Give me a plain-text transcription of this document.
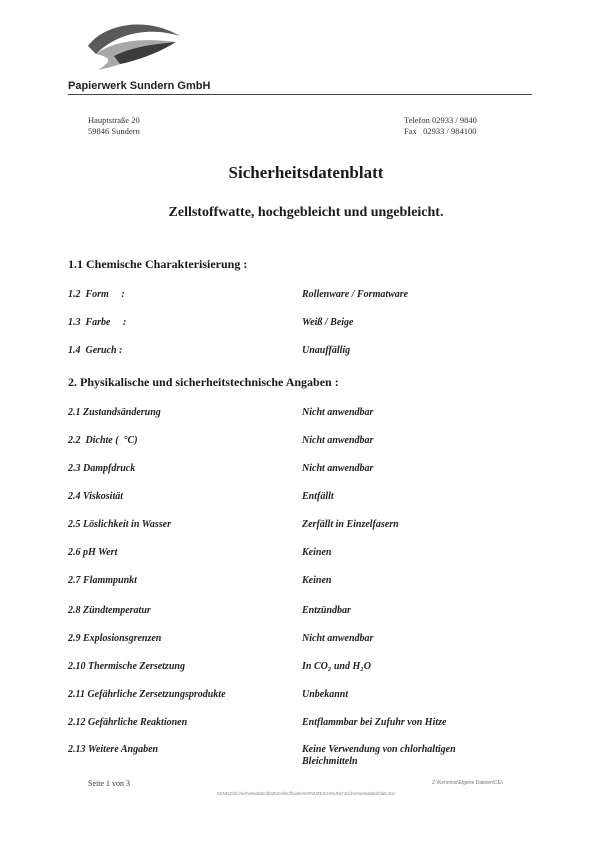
Papierwerk Sundern GmbH
Hauptstraße 20
59846 Sundern
Telefon 02933 / 9840
Fax   02933 / 984100
Sicherheitsdatenblatt
Zellstoffwatte, hochgebleicht und ungebleicht.
1.1 Chemische Charakterisierung :
1.2  Form     :	Rollenware / Formatware
1.3  Farbe     :	Weiß / Beige
1.4  Geruch :	Unauffällig
2. Physikalische und sicherheitstechnische Angaben :
2.1 Zustandsänderung	Nicht anwendbar
2.2  Dichte (  °C)	Nicht anwendbar
2.3 Dampfdruck	Nicht anwendbar
2.4 Viskosität	Entfällt
2.5 Löslichkeit in Wasser	Zerfällt in Einzelfasern
2.6 pH Wert	Keinen
2.7 Flammpunkt	Keinen
2.8 Zündtemperatur	Entzündbar
2.9 Explosionsgrenzen	Nicht anwendbar
2.10 Thermische Zersetzung	In CO₂ und H₂O
2.11 Gefährliche Zersetzungsprodukte	Unbekannt
2.12 Gefährliche Reaktionen	Entflammbar bei Zufuhr von Hitze
2.13 Weitere Angaben	Keine Verwendung von chlorhaltigen Bleichmitteln
Seite 1 von 3	Z:\Kenntnis\Eigene Dateien\CE\
KENNZ\Sicherheitsdatenblatt\Zellstoffwatte\KENNZEICHNUNG\Sicherheitsdatenblatt.doc
